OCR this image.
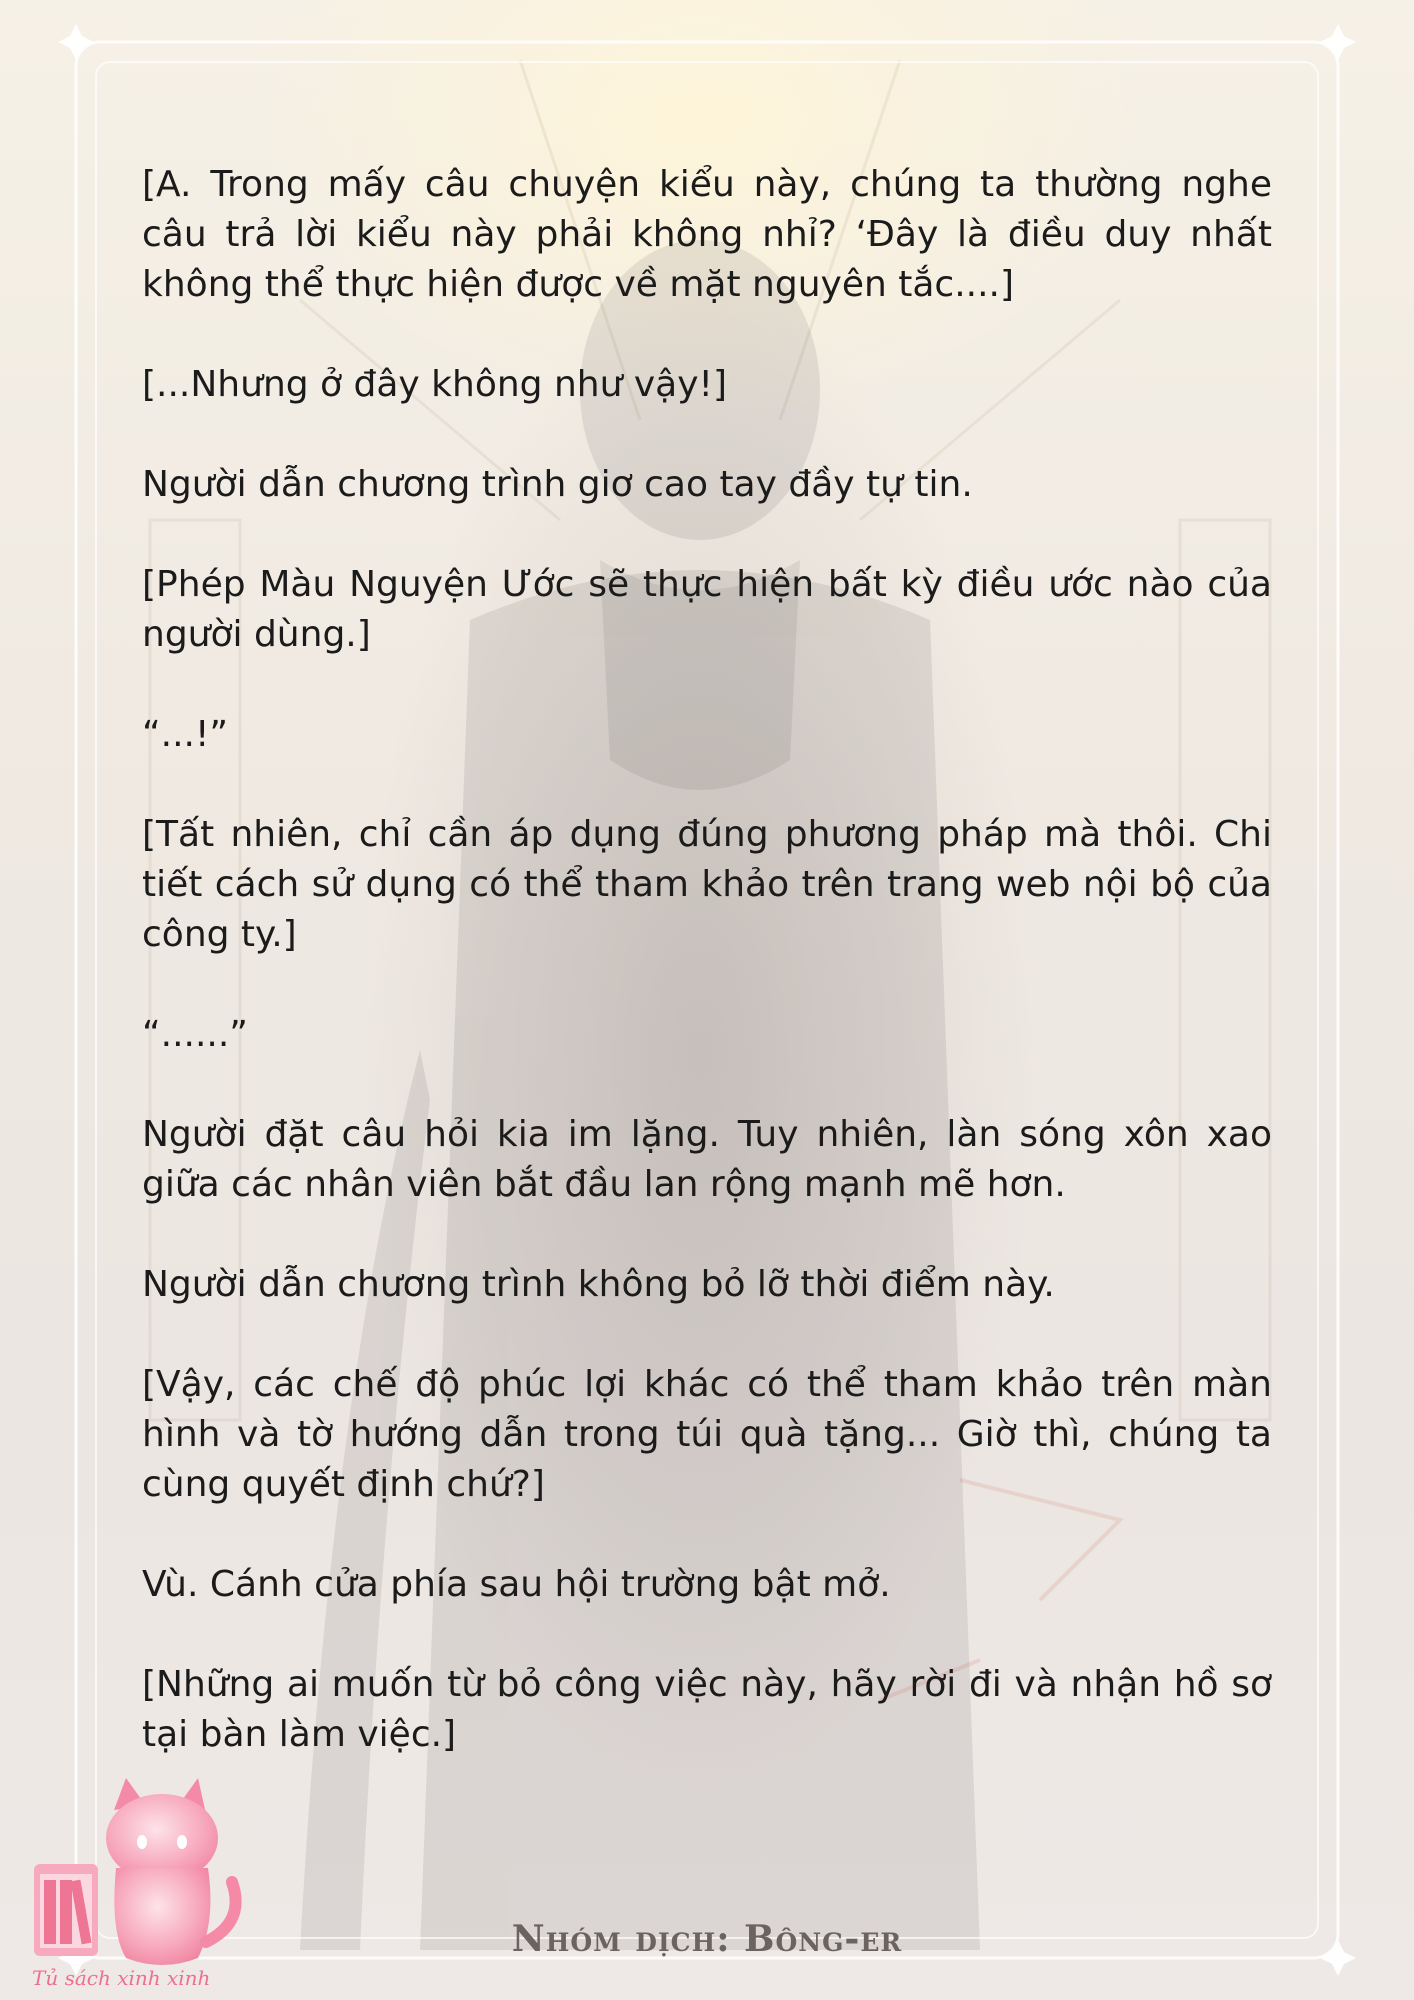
[A. Trong mấy câu chuyện kiểu này, chúng ta thường nghe câu trả lời kiểu này phải không nhỉ? ‘Đây là điều duy nhất không thể thực hiện được về mặt nguyên tắc....]

[...Nhưng ở đây không như vậy!]

Người dẫn chương trình giơ cao tay đầy tự tin.

[Phép Màu Nguyện Ước sẽ thực hiện bất kỳ điều ước nào của người dùng.]

“...!”

[Tất nhiên, chỉ cần áp dụng đúng phương pháp mà thôi. Chi tiết cách sử dụng có thể tham khảo trên trang web nội bộ của công ty.]

“......”

Người đặt câu hỏi kia im lặng. Tuy nhiên, làn sóng xôn xao giữa các nhân viên bắt đầu lan rộng mạnh mẽ hơn.

Người dẫn chương trình không bỏ lỡ thời điểm này.

[Vậy, các chế độ phúc lợi khác có thể tham khảo trên màn hình và tờ hướng dẫn trong túi quà tặng... Giờ thì, chúng ta cùng quyết định chứ?]

Vù. Cánh cửa phía sau hội trường bật mở.

[Những ai muốn từ bỏ công việc này, hãy rời đi và nhận hồ sơ tại bàn làm việc.]

Tủ sách xinh xinh
Nhóm dịch: Bông-er
